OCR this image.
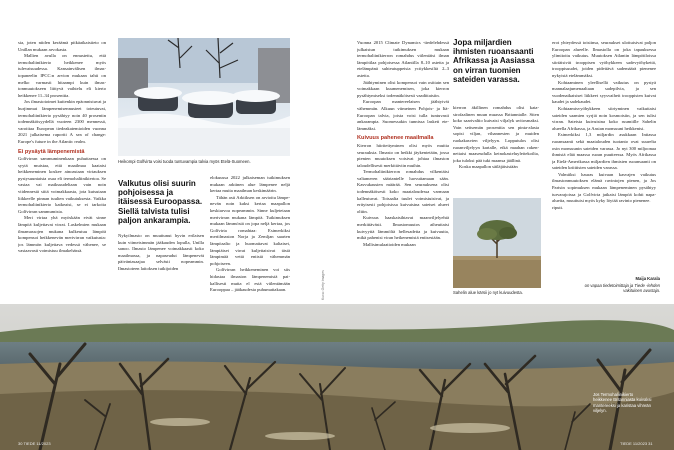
sia, joten niiden keräämä pitkäaikaistieto on Unillan mukaan arvokasta.

Mallien avulla on ennustettu, että termohaliinikierto heikkenee myös tulevaisuudessa. Kansainvälisen ilmastopaneelin IPCC:n arvion mukaan tahti on melko varmasti hitaampi kuin ilmastonmuutokseen liittyvä vaihtelu eli kierto heikkenee 11–34 prosenttia.

Jos ilmastotoimet kuitenkin epäonnistuvat ja hurjimmat lämpenemisennusteet toteutuvat, termohaliinikierto pysähtyy noin 40 prosentin todennäköisyydellä vuoteen 2300 mennessä, varoittaa European tiedeakatemioiden vuonna 2021 julkaisema raportti A sea of change: Europe's future in the Atlantic realm.

Ei pysäytä lämpenemistä

Golfvirran sammuminenkaan puhuttaessa on syytä muistaa, että maailmaa kaataisi heikkeneminen koskee ainoastaan virtauksen pystysuuntaista osaa eli termohaliinikiertoa. Se vastaa vai maiksuudeltaan vain noin viidennestä siitä voimakkaasta, jota kutsutaan liikkeelle pinnan tuulten vaikutuksesta. Vaikka termohaliinikierto katkeaisi, se ei tarkoita Golfvirran sammumista.

Meri virtaa yhä myöskään eivät sinne lämpöä kuljettavat virrat. Laskelmien mukaan ilmamassojen mukana kulkeutuu lämpöä kompensoi heikkenevän merivirran vaikutusta: jos lämmön kuljettava vedessä vähenee, se vastaavasti voimistuu ilmakehässä.

Heikompi Golfvirta voisi tuoda tuntuvampia talvia myös Etelä-Suomeen.
Valkutus olisi suurin pohjoisessa ja itäisessä Euroopassa. Siellä talvista tulisi paljon ankarampia.

Nykyilmasto on muuttunut hyvin erilaisen kuin viimeisimmän jääkauden lopulla, Unilla sanoo. Ilmasto lämpenee voimakkaasti koko maailmassa, ja napaseudut lämpenevät päiväntasaajaa selvästi nopeammin. Ilmastoteen laitoksen tutkijoiden

elokuussa 2022 julkaiseman tutkimuksen mukaan arktinen alue lämpenee neljä kertaa muita maailman keskimäärin.

Tähän asti Arktiksen on arvioitu lämpenevän noin kaksi kertaa maapallon keskiarvoa nopeammin. Sinne kuljetetaan merivirran mukana lämpöä. Tutkimuksen mukaan lämmöstä on jopa neljä kertaa, jos Golfvirta romahtaa: Esimerkiksi meriilmaston Norja ja Zemljan saarten lämpöaalto ja huomattavat kaltaiset, lämpiäiset virrat kuljettaisivat tästä lämpimää vettä entistä vähemmän pohjoiseen.

Golfvirran heikkeneminen voi siis hidastaa ilmaston lämpenemistä paikallisesti mutta el estä viilentämään Eurooppaa – jääkaudesta puhumattakaan.	Kuva: Getty Images

Vuonna 2015 Climate Dynamics -tiedelehdessä julkaistun tutkimuksen mukaan termohaliinikierron romahdus viilentäisi ilman lämpötilaa pohjoisessa Atlantilla 8–10 astetta ja etelämpänä suhteutuppeisia yctiykkesiltä 2–3 astetta.

Jäähtyminen olisi kompensoi vain osittain sen voimakkaan kuumenemisen, joka kierron pysähtymiseksi todennäköisesti vaadittaisiin.

Euroopan mantereelaisen jäähtyivät vähemmän. Alkuun viimeinen Pohjois- ja Itä-Euroopan talvia, joista voisi tulla tuntuvasti ankarampia. Suomessakin tunnissa lasketi etelämmäksi.

Kuivuus pahenee maailmalla

Kierron hiiritettyminen olisi myös muitta seurauksia. Ilmasto on heikki jäykentetään, jossa pienien muutoksen voisivat johtaa ilmaston taloudellisesti merkittäviin muihin.

Termohaliinikierron romahdus vilkentäisi valtameren sääriantelle luovuttamaan sään. Kasvukausien määrää. Sen seurauksena olisi todennäköisesti koko maataloudessa varmaan kalleutuvat. Toisaalta tuulet voimistuisivat, ja erityisesti pohjoisissa kuivuisina sateiset alueet oltiin.

Kuivuus haaskaisihtavat maanviljelyehtä merkittävästi. Ilmastomuutos aiheuttaisi kuivyyttä lämmöltä hellesadetta ja kuivuutta, mikä pahenisi viran heikenemistä entisestään.

Mallisimulaatioiden mukaan

Jopa miljardien ihmisten ruoansaanti Afrikassa ja Aasiassa on virran tuomien sateiden varassa.

kierron äkillinen romahdus olisi katastrofaalinen muun muassa Britannialle. Siten koko saarivaltio kuivaisi viljalyk uvitosmaksi. Vain seitsemän prosenttia sen pinta-alasta sopisi viljan, vihannesten ja muiden ruokakasvien viljelyyn. Lopputulos olisi ruoanviljelyyn kartalle, eikä maahan rakennettaisi maaseudulla keinokasteluyleitekoilta, joka tuloksi pää tuki maansa jäällinä.

Koska maapallon säiläjäisistään

Sahelin alue kärsii jo nyt kuivuudesta.

erot yhteydessä toisiinsa, seuraukset ulottuisivat paljon Euroopan alueelle. Ilmastolla on joka tapauksessa ylimitoitu vaikutus. Muutoksen Atlantin lämpötiloissa siirtäisivät trooppisen vyöhykkeen sadevyöhykettä, trooppisuudet, joiden pidettävä sademäärä pienenee nykyistä etelämmäksi.

Kohtaaminen yleellisellä vaikutus on pystyä mannalaajumenaaltaan sadepilvia, ja sen vuodenaikaisiset liikkeet syysvaiheit trooppisten kuivat kaudet ja sadekaudet.

Kohtaamisvyöhykkeen siirtyminen vaikuttaisi sateiden saamien syrjiä noin kosmoisiin, ja sen tulisi virran. Sateista kuivuisina koko ruumiille Sahelin alueella Afrikassa, ja Aasian monsuuni heikkenisi.

Esimerkiksi 1,3 miljardin asukkaan Intiassa ruoansaanti sekä maatalouden tuotanto ovat suurelta osin monsuunin sateiden varassa. Jo nyt 300 miljoonaa ihmistä elää maassa ruoan puutteessa. Myös Afrikassa ja Etelä-Amerikassa miljardien ihmisten ruoansaanti on sateiden kriittisten sateiden varassa.

Valmiiksi hauras kuivaan kasvajen vaikutus ilmastonmuutoksen elämä ravintojen pienen, ja Jos Parisin sopimuksen mukaan lämpeneminen pysähtyy turvarajoissa ja Golfvirta jatkaisi lämpöä kohti napa-alueita, muuttuisi myös kyky löytää ravinto pienenee.

riputt.

Maija Karala
on vapaa tiedetoimittaja ja Tiede -lehden vakituinen avustaja.
Jos Termohaliinikierto heikkenee Britanniasta kuivaksi mantereeksi ja karistaa vihreän viljelyn.
30 TIEDE 11/2023	TIEDE 11/2023 31
